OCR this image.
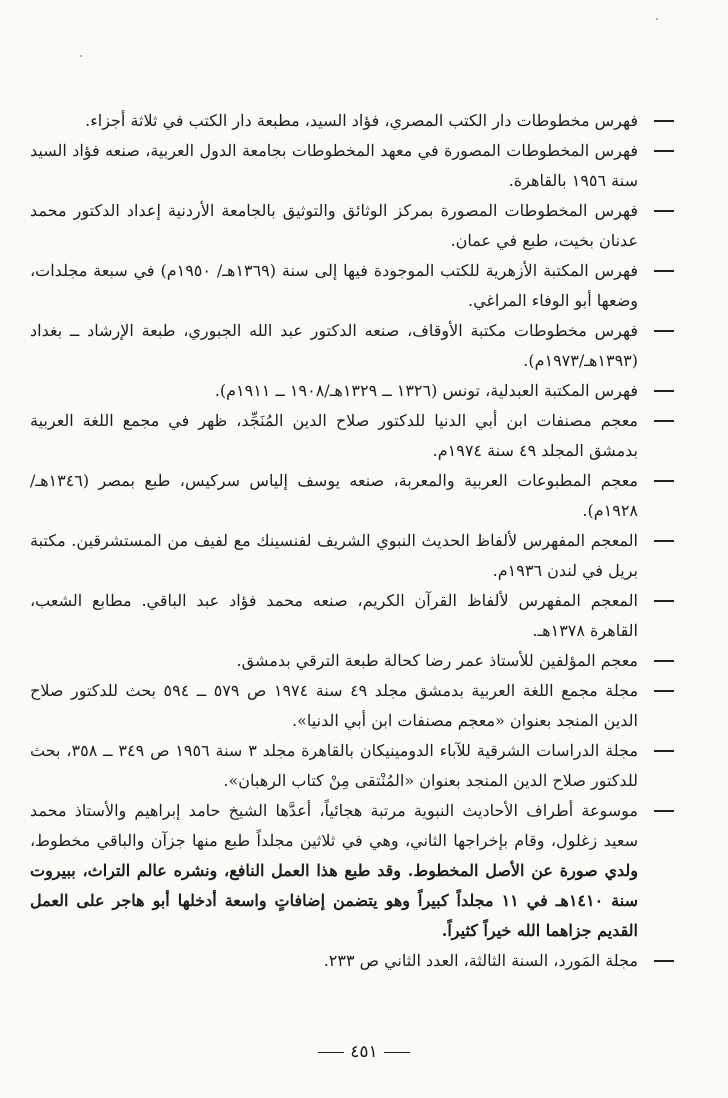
فهرس مخطوطات دار الكتب المصري، فؤاد السيد، مطبعة دار الكتب في ثلاثة أجزاء.
فهرس المخطوطات المصورة في معهد المخطوطات بجامعة الدول العربية، صنعه فؤاد السيد سنة ١٩٥٦ بالقاهرة.
فهرس المخطوطات المصورة بمركز الوثائق والتوثيق بالجامعة الأردنية إعداد الدكتور محمد عدنان بخيت، طبع في عمان.
فهرس المكتبة الأزهرية للكتب الموجودة فيها إلى سنة (١٣٦٩هـ/ ١٩٥٠م) في سبعة مجلدات، وضعها أبو الوفاء المراغي.
فهرس مخطوطات مكتبة الأوقاف، صنعه الدكتور عبد الله الجبوري، طبعة الإرشاد ــ بغداد (١٣٩٣هـ/١٩٧٣م).
فهرس المكتبة العبدلية، تونس (١٣٢٦ ــ ١٣٢٩هـ/١٩٠٨ ــ ١٩١١م).
معجم مصنفات ابن أبي الدنيا للدكتور صلاح الدين المُنَجِّد، ظهر في مجمع اللغة العربية بدمشق المجلد ٤٩ سنة ١٩٧٤م.
معجم المطبوعات العربية والمعربة، صنعه يوسف إلياس سركيس، طبع بمصر (١٣٤٦هـ/١٩٢٨م).
المعجم المفهرس لألفاظ الحديث النبوي الشريف لفنسينك مع لفيف من المستشرقين. مكتبة بريل في لندن ١٩٣٦م.
المعجم المفهرس لألفاظ القرآن الكريم، صنعه محمد فؤاد عبد الباقي. مطابع الشعب، القاهرة ١٣٧٨هـ.
معجم المؤلفين للأستاذ عمر رضا كحالة طبعة الترقي بدمشق.
مجلة مجمع اللغة العربية بدمشق مجلد ٤٩ سنة ١٩٧٤ ص ٥٧٩ ــ ٥٩٤ بحث للدكتور صلاح الدين المنجد بعنوان «معجم مصنفات ابن أبي الدنيا».
مجلة الدراسات الشرقية للآباء الدومينيكان بالقاهرة مجلد ٣ سنة ١٩٥٦ ص ٣٤٩ ــ ٣٥٨، بحث للدكتور صلاح الدين المنجد بعنوان «المُنْتقى مِنْ كتاب الرهبان».
موسوعة أطراف الأحاديث النبوية مرتبة هجائياً، أعدَّها الشيخ حامد إبراهيم والأستاذ محمد سعيد زغلول، وقام بإخراجها الثاني، وهي في ثلاثين مجلداً طبع منها جزآن والباقي مخطوط، ولدي صورة عن الأصل المخطوط. وقد طبع هذا العمل النافع، ونشره عالم التراث، ببيروت سنة ١٤١٠هـ في ١١ مجلداً كبيراً وهو يتضمن إضافاتٍ واسعة أدخلها أبو هاجر على العمل القديم جزاهما الله خيراً كثيراً.
مجلة المَورد، السنة الثالثة، العدد الثاني ص ٢٣٣.
٤٥١
